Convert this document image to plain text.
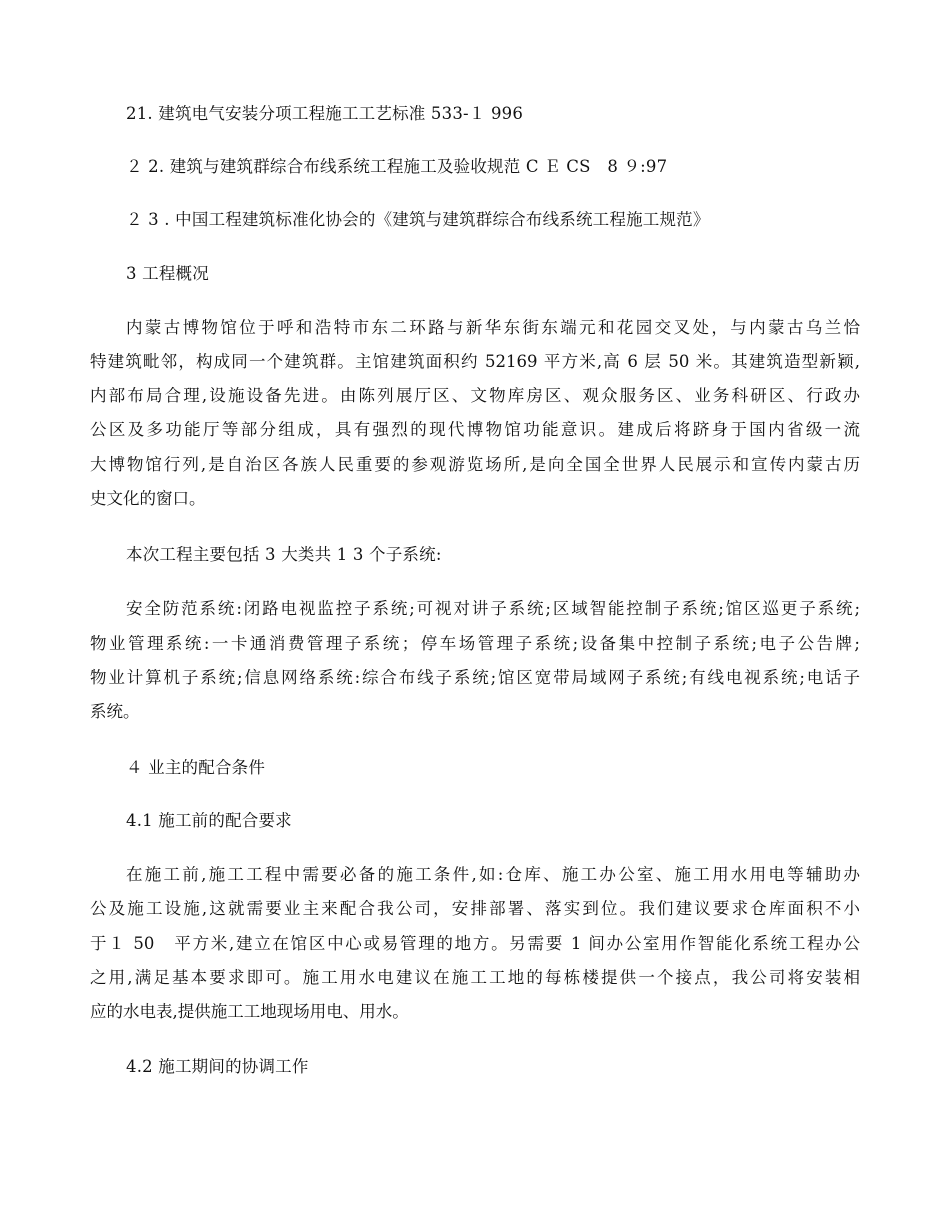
21. 建筑电气安装分项工程施工工艺标准 533-１ 996
２ 2. 建筑与建筑群综合布线系统工程施工及验收规范 C Ｅ CS　8 ９:97
２ 3 . 中国工程建筑标准化协会的《建筑与建筑群综合布线系统工程施工规范》
3 工程概况
内蒙古博物馆位于呼和浩特市东二环路与新华东街东端元和花园交叉处，与内蒙古乌兰恰
特建筑毗邻，构成同一个建筑群。主馆建筑面积约 52169 平方米,高 6 层 50 米。其建筑造型新颖,
内部布局合理,设施设备先进。由陈列展厅区、文物库房区、观众服务区、业务科研区、行政办
公区及多功能厅等部分组成，具有强烈的现代博物馆功能意识。建成后将跻身于国内省级一流
大博物馆行列,是自治区各族人民重要的参观游览场所,是向全国全世界人民展示和宣传内蒙古历
史文化的窗口。
本次工程主要包括 3 大类共 1 3 个子系统:
安全防范系统:闭路电视监控子系统;可视对讲子系统;区域智能控制子系统;馆区巡更子系统;
物业管理系统:一卡通消费管理子系统；停车场管理子系统;设备集中控制子系统;电子公告牌;
物业计算机子系统;信息网络系统:综合布线子系统;馆区宽带局域网子系统;有线电视系统;电话子
系统。
４ 业主的配合条件
4.1 施工前的配合要求
在施工前,施工工程中需要必备的施工条件,如:仓库、施工办公室、施工用水用电等辅助办
公及施工设施,这就需要业主来配合我公司，安排部署、落实到位。我们建议要求仓库面积不小
于１ 50　平方米,建立在馆区中心或易管理的地方。另需要 1 间办公室用作智能化系统工程办公
之用,满足基本要求即可。施工用水电建议在施工工地的每栋楼提供一个接点，我公司将安装相
应的水电表,提供施工工地现场用电、用水。
4.2 施工期间的协调工作
